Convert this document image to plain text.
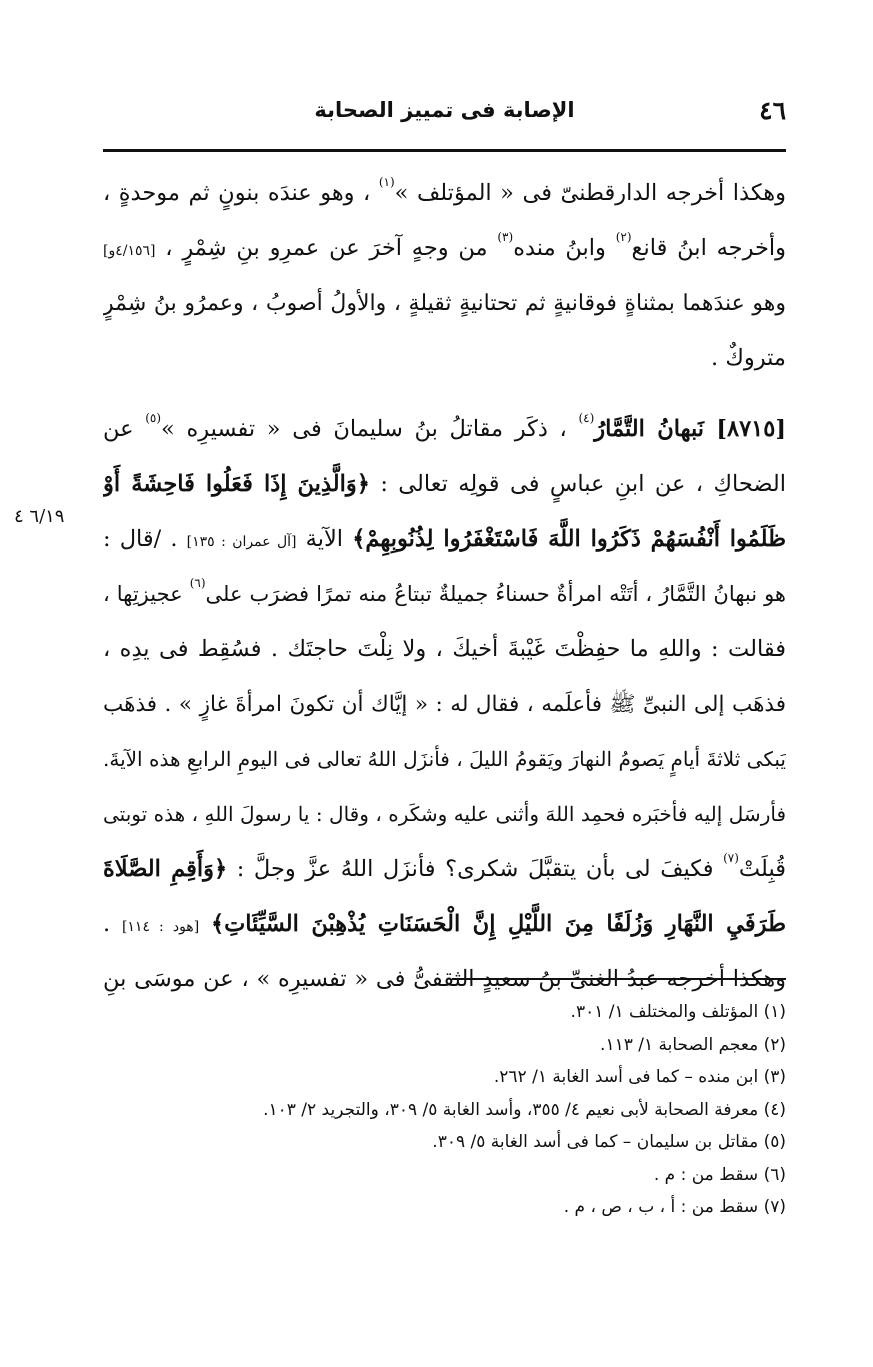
٤٦
الإصابة فى تمييز الصحابة
وهكذا أخرجه الدارقطنىّ فى « المؤتلف »$^{(١)}$ ، وهو عندَه بنونٍ ثم موحدةٍ ،
وأخرجه ابنُ قانع$^{(٢)}$ وابنُ منده$^{(٣)}$ من وجهٍ آخرَ عن عمرِو بنِ شِمْرٍ ، [٤/١٥٦و]
وهو عندَهما بمثناةٍ فوقانيةٍ ثم تحتانيةٍ ثقيلةٍ ، والأولُ أصوبُ ، وعمرُو بنُ شِمْرٍ
متروكٌ .
[٨٧١٥] نَبهانُ التَّمَّارُ$^{(٤)}$ ، ذكَر مقاتلُ بنُ سليمانَ فى « تفسيرِه »$^{(٥)}$ عن
الضحاكِ ، عن ابنِ عباسٍ فى قولِه تعالى : ﴿وَالَّذِينَ إِذَا فَعَلُوا فَاحِشَةً أَوْ
ظَلَمُوا أَنْفُسَهُمْ ذَكَرُوا اللَّهَ فَاسْتَغْفَرُوا لِذُنُوبِهِمْ﴾ الآية [آل عمران : ١٣٥] . /قال :
هو نبهانُ التَّمَّارُ ، أتَتْه امرأةٌ حسناءُ جميلةٌ تبتاعُ منه تمرًا فضرَب على$^{(٦)}$ عجيزتِها ،
فقالت : واللهِ ما حفِظْتَ غَيْبةَ أخيكَ ، ولا نِلْتَ حاجتَك . فسُقِط فى يدِه ،
فذهَب إلى النبىِّ ﷺ فأعلَمه ، فقال له : « إيَّاك أن تكونَ امرأةَ غازٍ » . فذهَب
يَبكى ثلاثةَ أيامٍ يَصومُ النهارَ ويَقومُ الليلَ ، فأنزَل اللهُ تعالى فى اليومِ الرابعِ هذه الآيةَ.
فأرسَل إليه فأخبَره فحمِد اللهَ وأثنى عليه وشكَره ، وقال : يا رسولَ اللهِ ، هذه توبتى
قُبِلَتْ$^{(٧)}$ فكيفَ لى بأن يتقبَّلَ شكرى؟ فأنزَل اللهُ عزَّ وجلَّ : ﴿وَأَقِمِ الصَّلَاةَ
طَرَفَيِ النَّهَارِ وَزُلَفًا مِنَ اللَّيْلِ إِنَّ الْحَسَنَاتِ يُذْهِبْنَ السَّيِّئَاتِ﴾ [هود : ١١٤] .
وهكذا أخرجه عبدُ الغنىِّ بنُ سعيدٍ الثقفىُّ فى « تفسيرِه » ، عن موسَى بنِ
٦/١٩ ٤
(١) المؤتلف والمختلف ١/ ٣٠١.
(٢) معجم الصحابة ١/ ١١٣.
(٣) ابن منده – كما فى أسد الغابة ١/ ٢٦٢.
(٤) معرفة الصحابة لأبى نعيم ٤/ ٣٥٥، وأسد الغابة ٥/ ٣٠٩، والتجريد ٢/ ١٠٣.
(٥) مقاتل بن سليمان – كما فى أسد الغابة ٥/ ٣٠٩.
(٦) سقط من : م .
(٧) سقط من : أ ، ب ، ص ، م .
